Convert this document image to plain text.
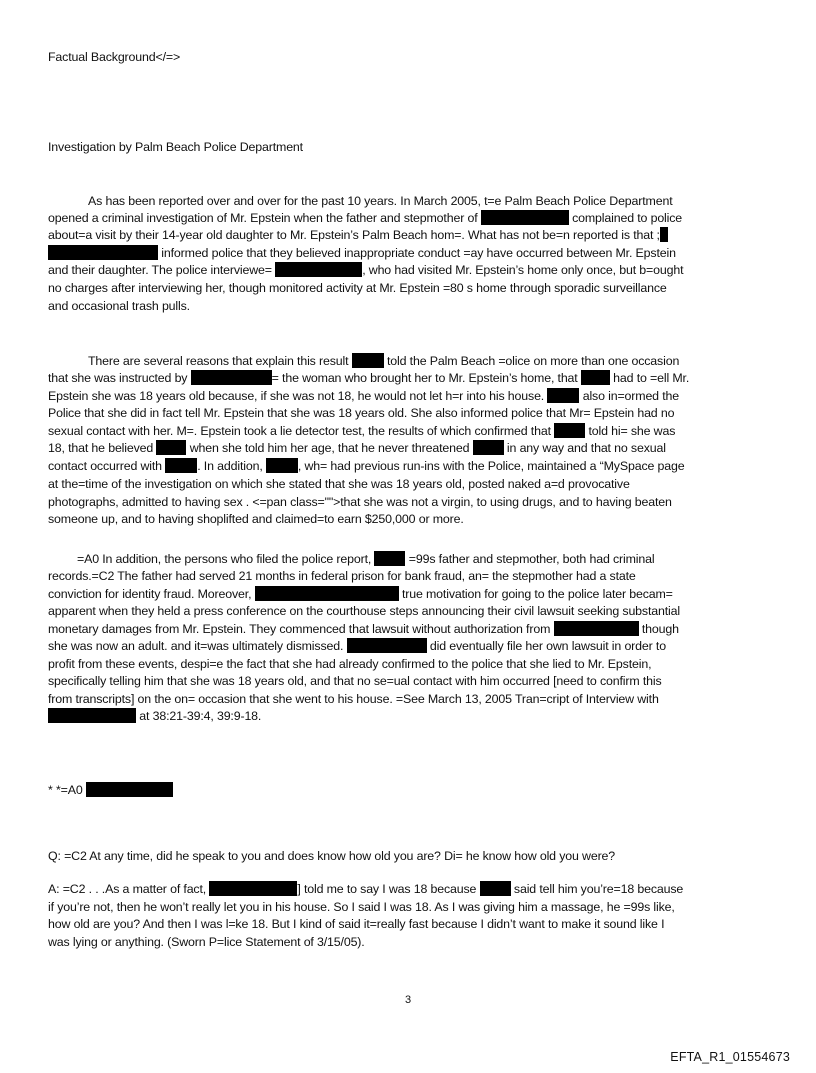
Factual Background</=>
Investigation by Palm Beach Police Department
As has been reported over and over for the past 10 years. In March 2005, t=e Palm Beach Police Department
opened a criminal investigation of Mr. Epstein when the father and stepmother of	complained to police
about=a visit by their 14-year old daughter to Mr. Epstein’s Palm Beach hom=. What has not be=n reported is that ;
informed police that they believed inappropriate conduct =ay have occurred between Mr. Epstein
and their daughter. The police interviewe=	, who had visited Mr. Epstein’s home only once, but b=ought
no charges after interviewing her, though monitored activity at Mr. Epstein =80 s home through sporadic surveillance
and occasional trash pulls.
There are several reasons that explain this result	told the Palm Beach =olice on more than one occasion
that she was instructed by	= the woman who brought her to Mr. Epstein’s home, that  had to =ell Mr.
Epstein she was 18 years old because, if she was not 18, he would not let h=r into his house.	also in=ormed the
Police that she did in fact tell Mr. Epstein that she was 18 years old. She also informed police that Mr= Epstein had no
sexual contact with her. M=. Epstein took a lie detector test, the results of which confirmed that	told hi= she was
18, that he believed  when she told him her age, that he never threatened	in any way and that no sexual
contact occurred with	. In addition,	, wh= had previous run-ins with the Police, maintained a “MySpace page
at the=time of the investigation on which she stated that she was 18 years old, posted naked a=d provocative
photographs, admitted to having sex . <=pan class="">that she was not a virgin, to using drugs, and to having beaten
someone up, and to having shoplifted and claimed=to earn $250,000 or more.
=A0 In addition, the persons who filed the police report,	=99s father and stepmother, both had criminal
records.=C2 The father had served 21 months in federal prison for bank fraud, an= the stepmother had a state
conviction for identity fraud. Moreover,	true motivation for going to the police later becam=
apparent when they held a press conference on the courthouse steps announcing their civil lawsuit seeking substantial
monetary damages from Mr. Epstein. They commenced that lawsuit without authorization from	though
she was now an adult. and it=was ultimately dismissed.	did eventually file her own lawsuit in order to
profit from these events, despi=e the fact that she had already confirmed to the police that she lied to Mr. Epstein,
specifically telling him that she was 18 years old, and that no se=ual contact with him occurred [need to confirm this
from transcripts] on the on= occasion that she went to his house. =See March 13, 2005 Tran=cript of Interview with
at 38:21-39:4, 39:9-18.
* *=A0
Q: =C2 At any time, did he speak to you and does know how old you are? Di= he know how old you were?
A: =C2 . . .As a matter of fact,	] told me to say I was 18 because	said tell him you’re=18 because
if you’re not, then he won’t really let you in his house. So I said I was 18. As I was giving him a massage, he =99s like,
how old are you? And then I was l=ke 18. But I kind of said it=really fast because I didn’t want to make it sound like I
was lying or anything. (Sworn P=lice Statement of 3/15/05).
3
EFTA_R1_01554673
